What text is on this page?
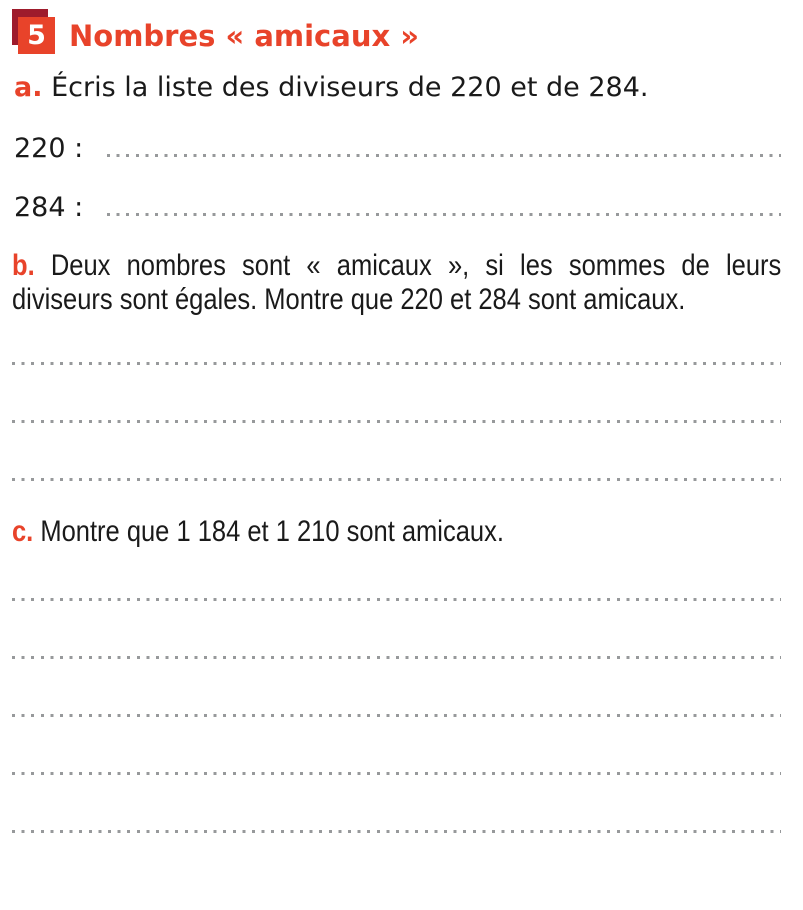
5 Nombres « amicaux »

a. Écris la liste des diviseurs de 220 et de 284.

220 :
284 :

b. Deux nombres sont « amicaux », si les sommes de leurs diviseurs sont égales. Montre que 220 et 284 sont amicaux.

c. Montre que 1 184 et 1 210 sont amicaux.
